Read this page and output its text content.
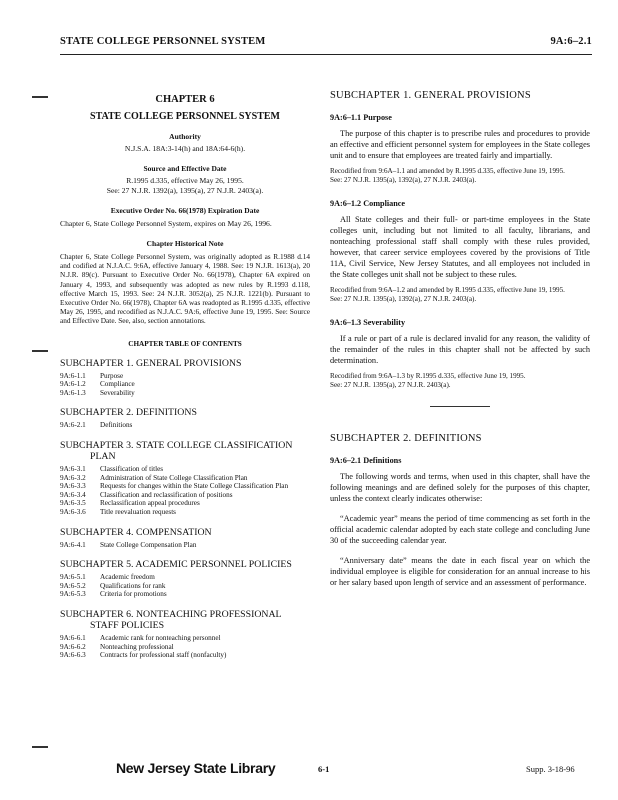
STATE COLLEGE PERSONNEL SYSTEM	9A:6–2.1
CHAPTER 6
STATE COLLEGE PERSONNEL SYSTEM
Authority
N.J.S.A. 18A:3-14(h) and 18A:64-6(h).
Source and Effective Date
R.1995 d.335, effective May 26, 1995.
See: 27 N.J.R. 1392(a), 1395(a), 27 N.J.R. 2403(a).
Executive Order No. 66(1978) Expiration Date
Chapter 6, State College Personnel System, expires on May 26, 1996.
Chapter Historical Note
Chapter 6, State College Personnel System, was originally adopted as R.1988 d.14 and codified at N.J.A.C. 9:6A, effective January 4, 1988. See: 19 N.J.R. 1613(a), 20 N.J.R. 89(c). Pursuant to Executive Order No. 66(1978), Chapter 6A expired on January 4, 1993, and subsequently was adopted as new rules by R.1993 d.118, effective March 15, 1993. See: 24 N.J.R. 3052(a), 25 N.J.R. 1221(b). Pursuant to Executive Order No. 66(1978), Chapter 6A was readopted as R.1995 d.335, effective May 26, 1995, and recodified as N.J.A.C. 9A:6, effective June 19, 1995. See: Source and Effective Date. See, also, section annotations.
CHAPTER TABLE OF CONTENTS
SUBCHAPTER 1. GENERAL PROVISIONS
9A:6-1.1	Purpose
9A:6-1.2	Compliance
9A:6-1.3	Severability
SUBCHAPTER 2. DEFINITIONS
9A:6-2.1	Definitions
SUBCHAPTER 3. STATE COLLEGE CLASSIFICATION
PLAN
9A:6-3.1	Classification of titles
9A:6-3.2	Administration of State College Classification Plan
9A:6-3.3	Requests for changes within the State College Classification Plan
9A:6-3.4	Classification and reclassification of positions
9A:6-3.5	Reclassification appeal procedures
9A:6-3.6	Title reevaluation requests
SUBCHAPTER 4. COMPENSATION
9A:6-4.1	State College Compensation Plan
SUBCHAPTER 5. ACADEMIC PERSONNEL POLICIES
9A:6-5.1	Academic freedom
9A:6-5.2	Qualifications for rank
9A:6-5.3	Criteria for promotions
SUBCHAPTER 6. NONTEACHING PROFESSIONAL
STAFF POLICIES
9A:6-6.1	Academic rank for nonteaching personnel
9A:6-6.2	Nonteaching professional
9A:6-6.3	Contracts for professional staff (nonfaculty)
SUBCHAPTER 1. GENERAL PROVISIONS
9A:6–1.1 Purpose
The purpose of this chapter is to prescribe rules and procedures to provide an effective and efficient personnel system for employees in the State colleges unit and to ensure that employees are treated fairly and impartially.
Recodified from 9:6A–1.1 and amended by R.1995 d.335, effective June 19, 1995.
See: 27 N.J.R. 1395(a), 1392(a), 27 N.J.R. 2403(a).
9A:6–1.2 Compliance
All State colleges and their full- or part-time employees in the State colleges unit, including but not limited to all faculty, librarians, and nonteaching professional staff shall comply with these rules provided, however, that career service employees covered by the provisions of Title 11A, Civil Service, New Jersey Statutes, and all employees not included in the State colleges unit shall not be subject to these rules.
Recodified from 9:6A–1.2 and amended by R.1995 d.335, effective June 19, 1995.
See: 27 N.J.R. 1395(a), 1392(a), 27 N.J.R. 2403(a).
9A:6–1.3 Severability
If a rule or part of a rule is declared invalid for any reason, the validity of the remainder of the rules in this chapter shall not be affected by such determination.
Recodified from 9:6A–1.3 by R.1995 d.335, effective June 19, 1995.
See: 27 N.J.R. 1395(a), 27 N.J.R. 2403(a).
SUBCHAPTER 2. DEFINITIONS
9A:6–2.1 Definitions
The following words and terms, when used in this chapter, shall have the following meanings and are defined solely for the purposes of this chapter, unless the context clearly indicates otherwise:
“Academic year” means the period of time commencing as set forth in the official academic calendar adopted by each state college and concluding June 30 of the succeeding calendar year.
“Anniversary date” means the date in each fiscal year on which the individual employee is eligible for consideration for an annual increase to his or her salary based upon length of service and an assessment of performance.
New Jersey State Library	6-1	Supp. 3-18-96
